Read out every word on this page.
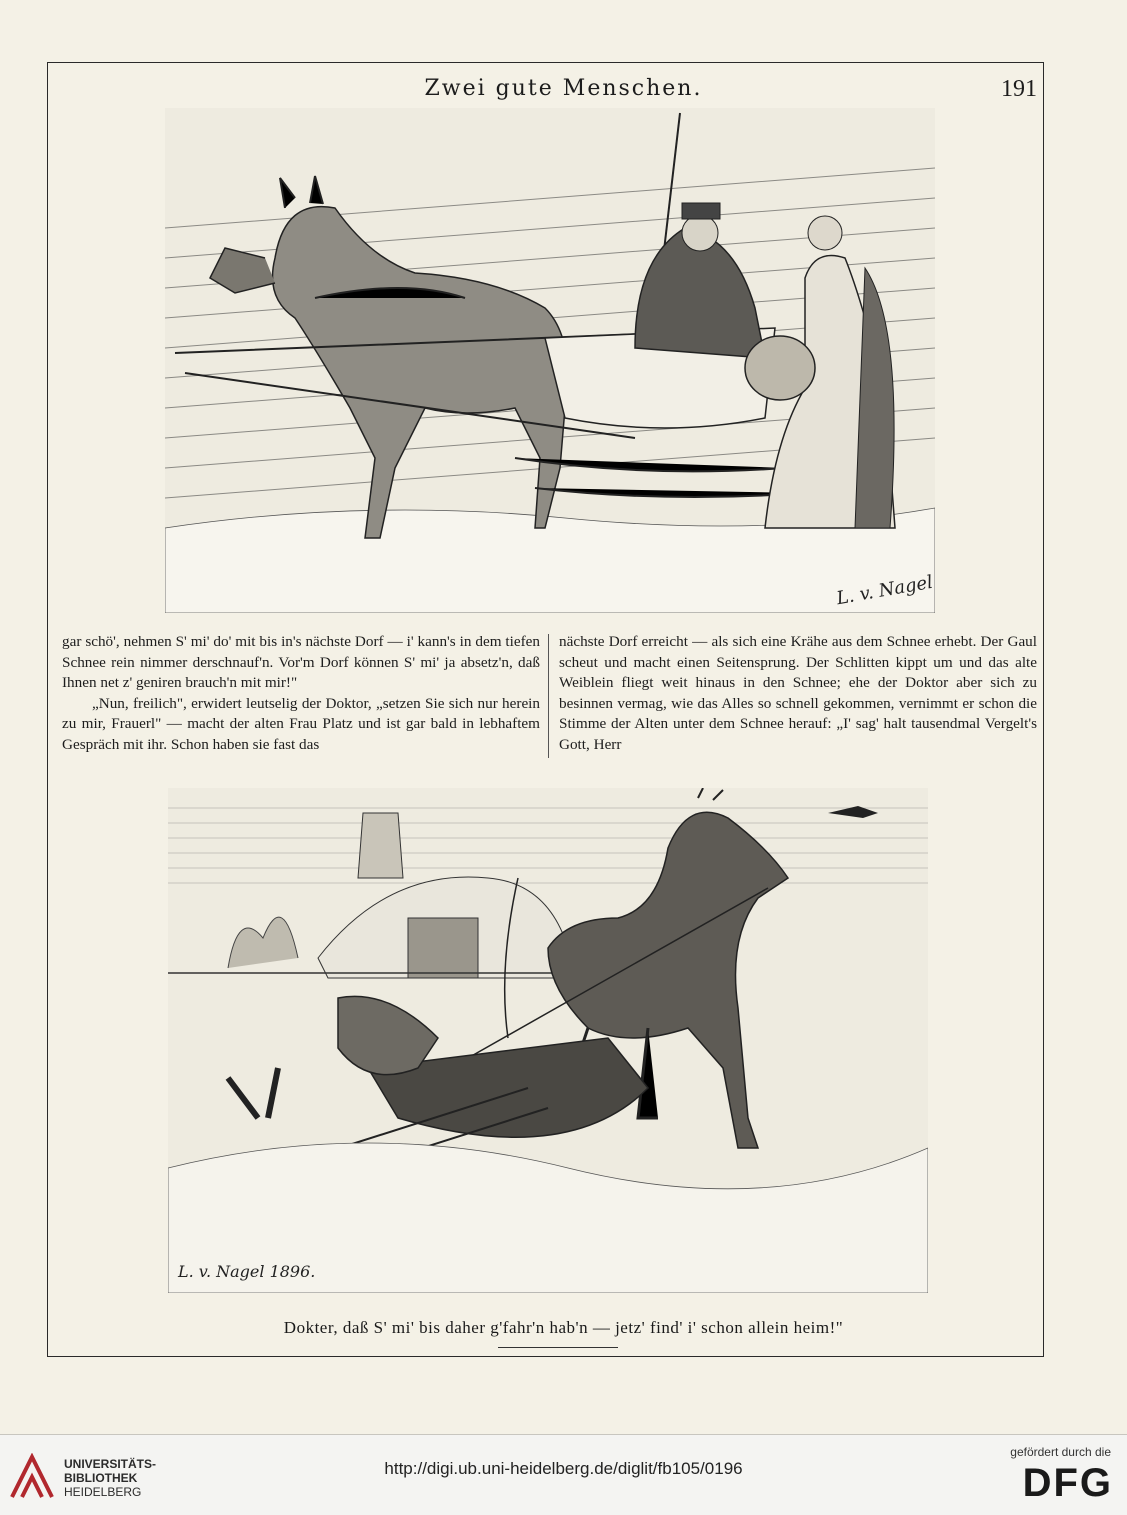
Zwei gute Menschen.	191
L. v. Nagel

gar schö', nehmen S' mi' do' mit bis in's nächste Dorf — i' kann's in dem tiefen Schnee rein nimmer derschnauf'n. Vor'm Dorf können S' mi' ja absetz'n, daß Ihnen net z' geniren brauch'n mit mir!"

„Nun, freilich", erwidert leutselig der Doktor, „setzen Sie sich nur herein zu mir, Frauerl" — macht der alten Frau Platz und ist gar bald in lebhaftem Gespräch mit ihr. Schon haben sie fast das

nächste Dorf erreicht — als sich eine Krähe aus dem Schnee erhebt. Der Gaul scheut und macht einen Seitensprung. Der Schlitten kippt um und das alte Weiblein fliegt weit hinaus in den Schnee; ehe der Doktor aber sich zu besinnen vermag, wie das Alles so schnell gekommen, vernimmt er schon die Stimme der Alten unter dem Schnee herauf: „I' sag' halt tausendmal Vergelt's Gott, Herr

L. v. Nagel 1896.
Dokter, daß S' mi' bis daher g'fahr'n hab'n — jetz' find' i' schon allein heim!"
UNIVERSITÄTS-
BIBLIOTHEK
HEIDELBERG
http://digi.ub.uni-heidelberg.de/diglit/fb105/0196
gefördert durch die
DFG
